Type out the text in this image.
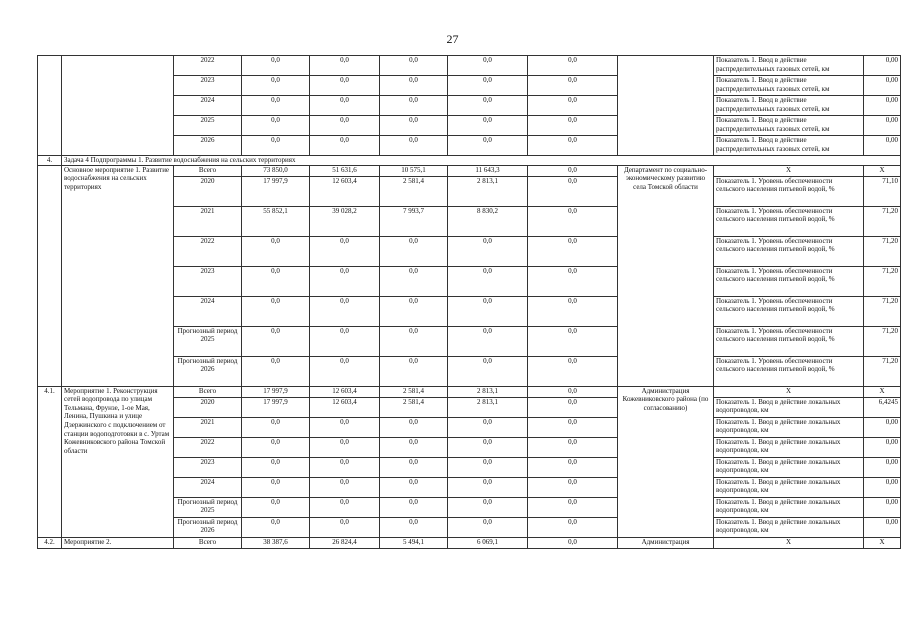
27
		2022	0,0	0,0	0,0	0,0	0,0		Показатель 1. Ввод в действие распределительных газовых сетей, км	0,00
		2023	0,0	0,0	0,0	0,0	0,0		Показатель 1. Ввод в действие распределительных газовых сетей, км	0,00
		2024	0,0	0,0	0,0	0,0	0,0		Показатель 1. Ввод в действие распределительных газовых сетей, км	0,00
		2025	0,0	0,0	0,0	0,0	0,0		Показатель 1. Ввод в действие распределительных газовых сетей, км	0,00
		2026	0,0	0,0	0,0	0,0	0,0		Показатель 1. Ввод в действие распределительных газовых сетей, км	0,00
4.	Задача 4 Подпрограммы 1. Развитие водоснабжения на сельских территориях									
	Основное мероприятие 1. Развитие водоснабжения на сельских территориях	Всего	73 850,0	51 631,6	10 575,1	11 643,3	0,0	Департамент по социально-экономическому развитию села Томской области	Х	Х
		2020	17 997,9	12 603,4	2 581,4	2 813,1	0,0		Показатель 1. Уровень обеспеченности сельского населения питьевой водой, %	71,10
		2021	55 852,1	39 028,2	7 993,7	8 830,2	0,0		Показатель 1. Уровень обеспеченности сельского населения питьевой водой, %	71,20
		2022	0,0	0,0	0,0	0,0	0,0		Показатель 1. Уровень обеспеченности сельского населения питьевой водой, %	71,20
		2023	0,0	0,0	0,0	0,0	0,0		Показатель 1. Уровень обеспеченности сельского населения питьевой водой, %	71,20
		2024	0,0	0,0	0,0	0,0	0,0		Показатель 1. Уровень обеспеченности сельского населения питьевой водой, %	71,20
		Прогнозный период 2025	0,0	0,0	0,0	0,0	0,0		Показатель 1. Уровень обеспеченности сельского населения питьевой водой, %	71,20
		Прогнозный период 2026	0,0	0,0	0,0	0,0	0,0		Показатель 1. Уровень обеспеченности сельского населения питьевой водой, %	71,20
4.1.	Мероприятие 1. Реконструкция сетей водопровода по улицам Тельмана, Фрунзе, 1-ое Мая, Ленина, Пушкина и улице Дзержинского с подключением от станции водоподготовки в с. Уртам Кожевниковского района Томской области	Всего	17 997,9	12 603,4	2 581,4	2 813,1	0,0	Администрация Кожевниковского района (по согласованию)	Х	Х
		2020	17 997,9	12 603,4	2 581,4	2 813,1	0,0		Показатель 1. Ввод в действие локальных водопроводов, км	6,4245
		2021	0,0	0,0	0,0	0,0	0,0		Показатель 1. Ввод в действие локальных водопроводов, км	0,00
		2022	0,0	0,0	0,0	0,0	0,0		Показатель 1. Ввод в действие локальных водопроводов, км	0,00
		2023	0,0	0,0	0,0	0,0	0,0		Показатель 1. Ввод в действие локальных водопроводов, км	0,00
		2024	0,0	0,0	0,0	0,0	0,0		Показатель 1. Ввод в действие локальных водопроводов, км	0,00
		Прогнозный период 2025	0,0	0,0	0,0	0,0	0,0		Показатель 1. Ввод в действие локальных водопроводов, км	0,00
		Прогнозный период 2026	0,0	0,0	0,0	0,0	0,0		Показатель 1. Ввод в действие локальных водопроводов, км	0,00
4.2.	Мероприятие 2.	Всего	38 387,6	26 824,4	5 494,1	6 069,1	0,0	Администрация	Х	Х
